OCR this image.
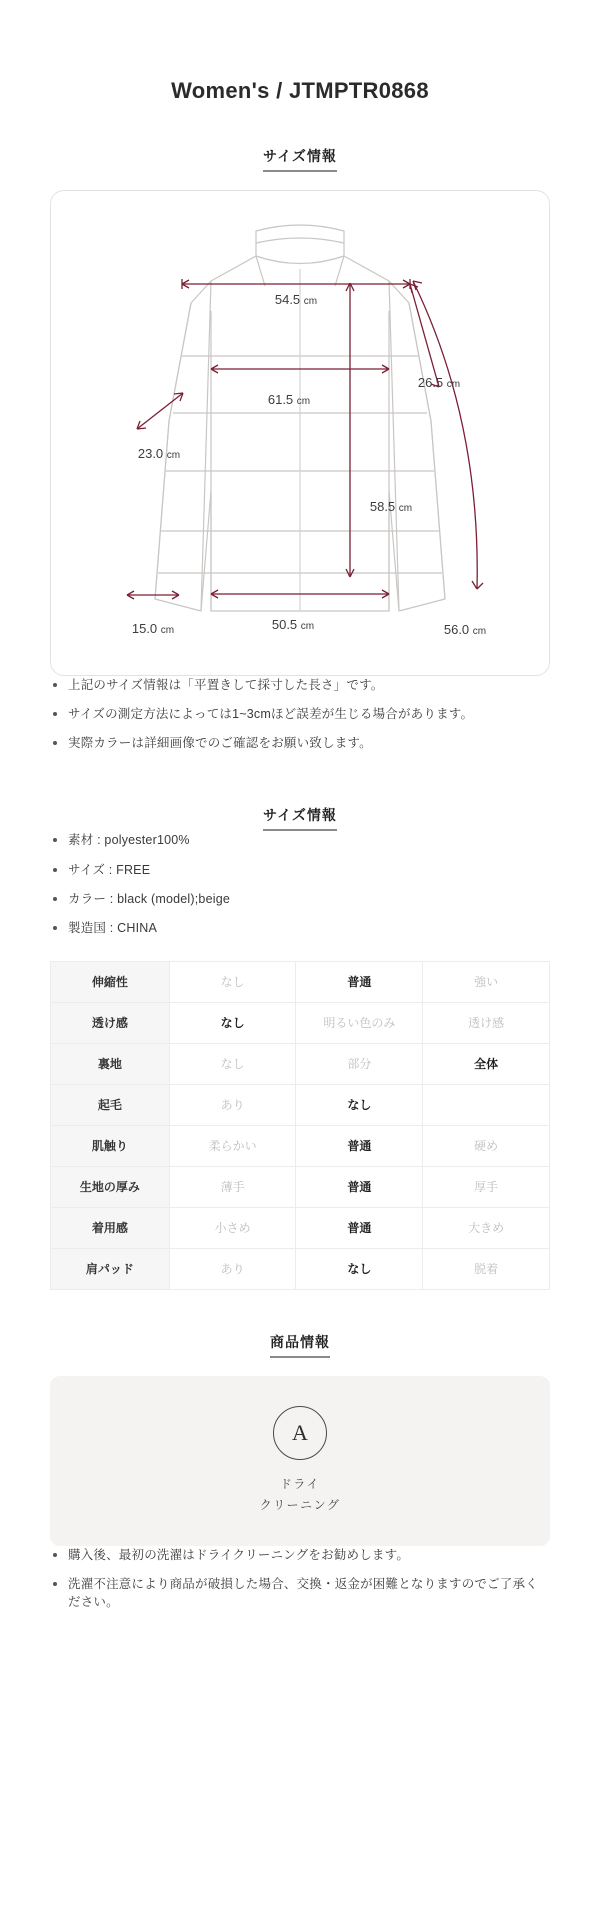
Women's / JTMPTR0868
サイズ情報
61.5 cm
54.5 cm
50.5 cm
15.0 cm
23.0 cm
58.5 cm
26.5 cm
56.0 cm
上記のサイズ情報は「平置きして採寸した長さ」です。
サイズの測定方法によっては1~3cmほど誤差が生じる場合があります。
実際カラーは詳細画像でのご確認をお願い致します。
サイズ情報
素材 : polyester100%
サイズ : FREE
カラー : black (model);beige
製造国 : CHINA
伸縮性	なし	普通	強い
透け感	なし	明るい色のみ	透け感
裏地	なし	部分	全体
起毛	あり	なし	
肌触り	柔らかい	普通	硬め
生地の厚み	薄手	普通	厚手
着用感	小さめ	普通	大きめ
肩パッド	あり	なし	脱着
商品情報
A
ドライ
クリーニング
購入後、最初の洗濯はドライクリーニングをお勧めします。
洗濯不注意により商品が破損した場合、交換・返金が困難となりますのでご了承ください。
